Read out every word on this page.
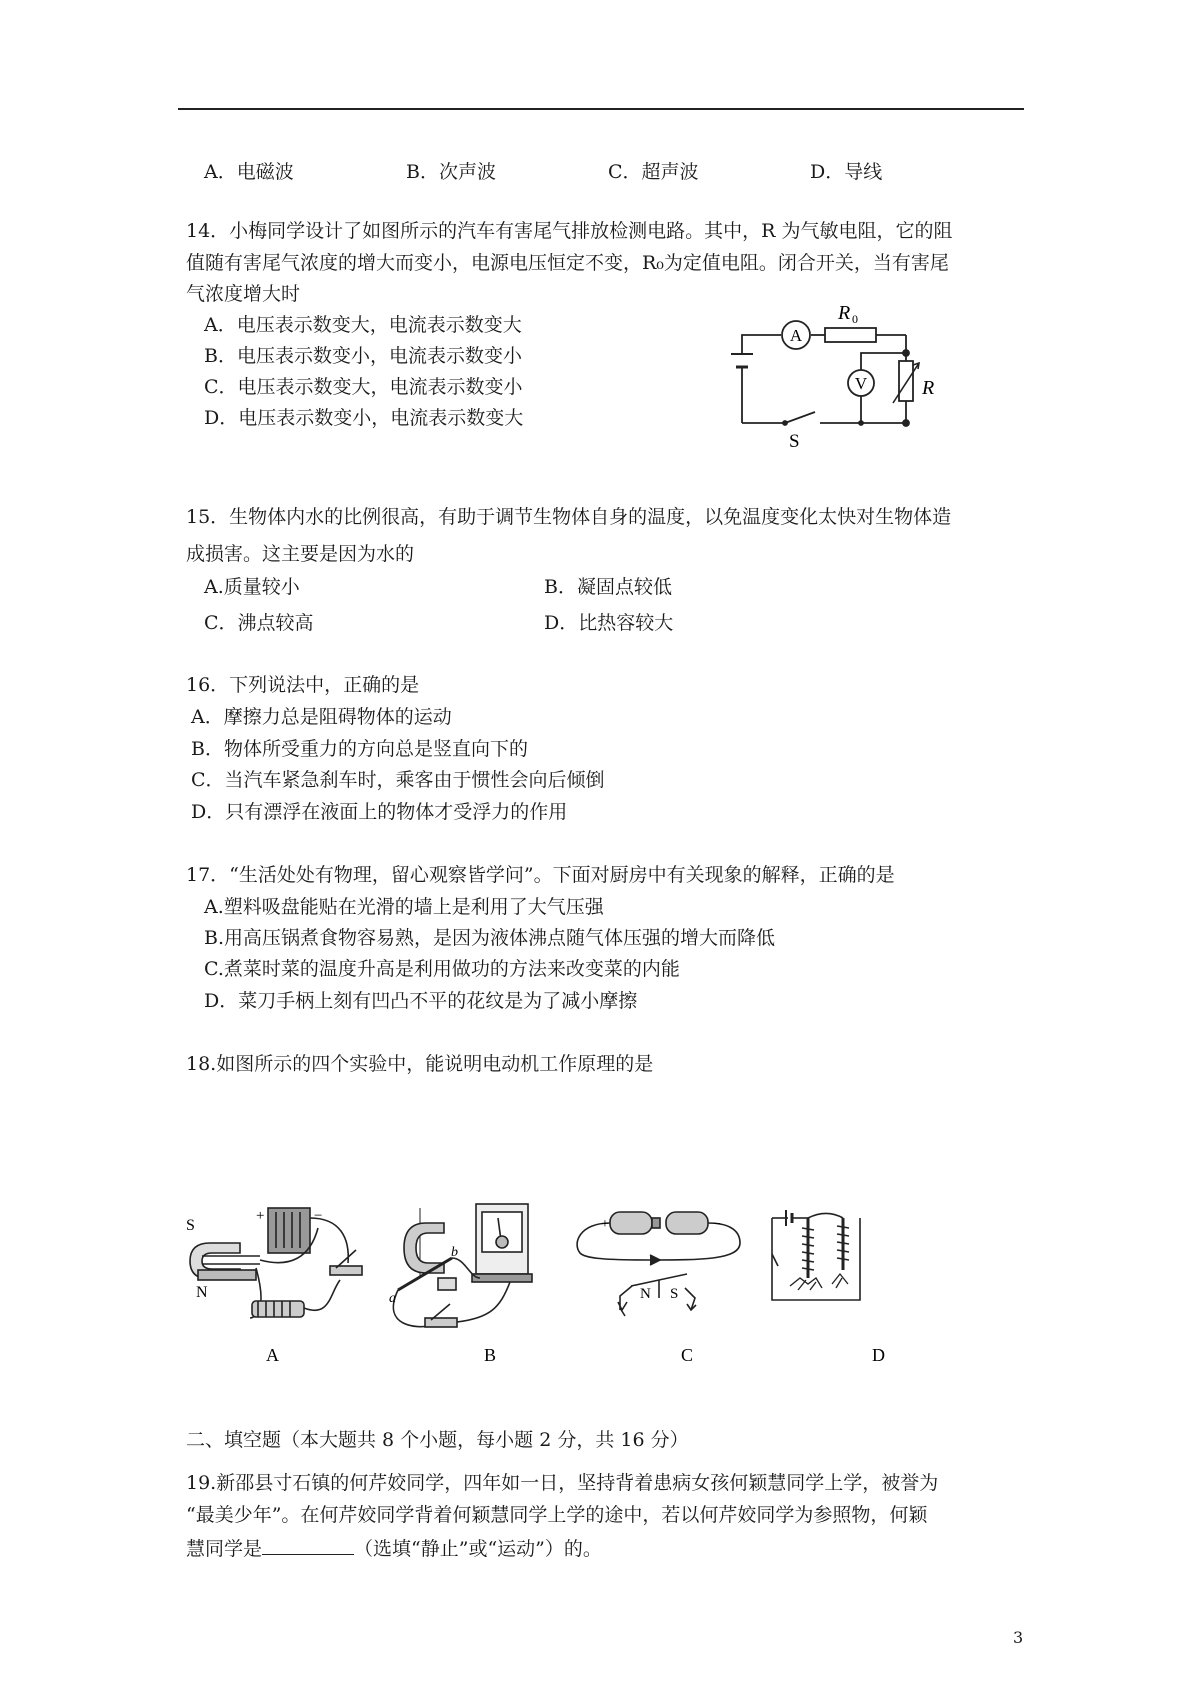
A．电磁波	B．次声波	C．超声波	D．导线
14．小梅同学设计了如图所示的汽车有害尾气排放检测电路。其中，R 为气敏电阻，它的阻
值随有害尾气浓度的增大而变小，电源电压恒定不变，R₀为定值电阻。闭合开关，当有害尾
气浓度增大时
A．电压表示数变大，电流表示数变大
B．电压表示数变小，电流表示数变小
C．电压表示数变大，电流表示数变小
D．电压表示数变小，电流表示数变大
A
R 0
V	R
S
15．生物体内水的比例很高，有助于调节生物体自身的温度，以免温度变化太快对生物体造
成损害。这主要是因为水的
A.质量较小	B．凝固点较低
C．沸点较高	D．比热容较大
16．下列说法中，正确的是
A．摩擦力总是阻碍物体的运动
B．物体所受重力的方向总是竖直向下的
C．当汽车紧急刹车时，乘客由于惯性会向后倾倒
D．只有漂浮在液面上的物体才受浮力的作用
17．“生活处处有物理，留心观察皆学问”。下面对厨房中有关现象的解释，正确的是
A.塑料吸盘能贴在光滑的墙上是利用了大气压强
B.用高压锅煮食物容易熟，是因为液体沸点随气体压强的增大而降低
C.煮菜时菜的温度升高是利用做功的方法来改变菜的内能
D．菜刀手柄上刻有凹凸不平的花纹是为了减小摩擦
18.如图所示的四个实验中，能说明电动机工作原理的是
S
N
+	−
a
b
+	−
N S
A	B	C	D
二、填空题（本大题共 8 个小题，每小题 2 分，共 16 分）
19.新邵县寸石镇的何芹姣同学，四年如一日，坚持背着患病女孩何颖慧同学上学，被誉为
“最美少年”。在何芹姣同学背着何颖慧同学上学的途中，若以何芹姣同学为参照物，何颖
慧同学是	（选填“静止”或“运动”）的。
3
